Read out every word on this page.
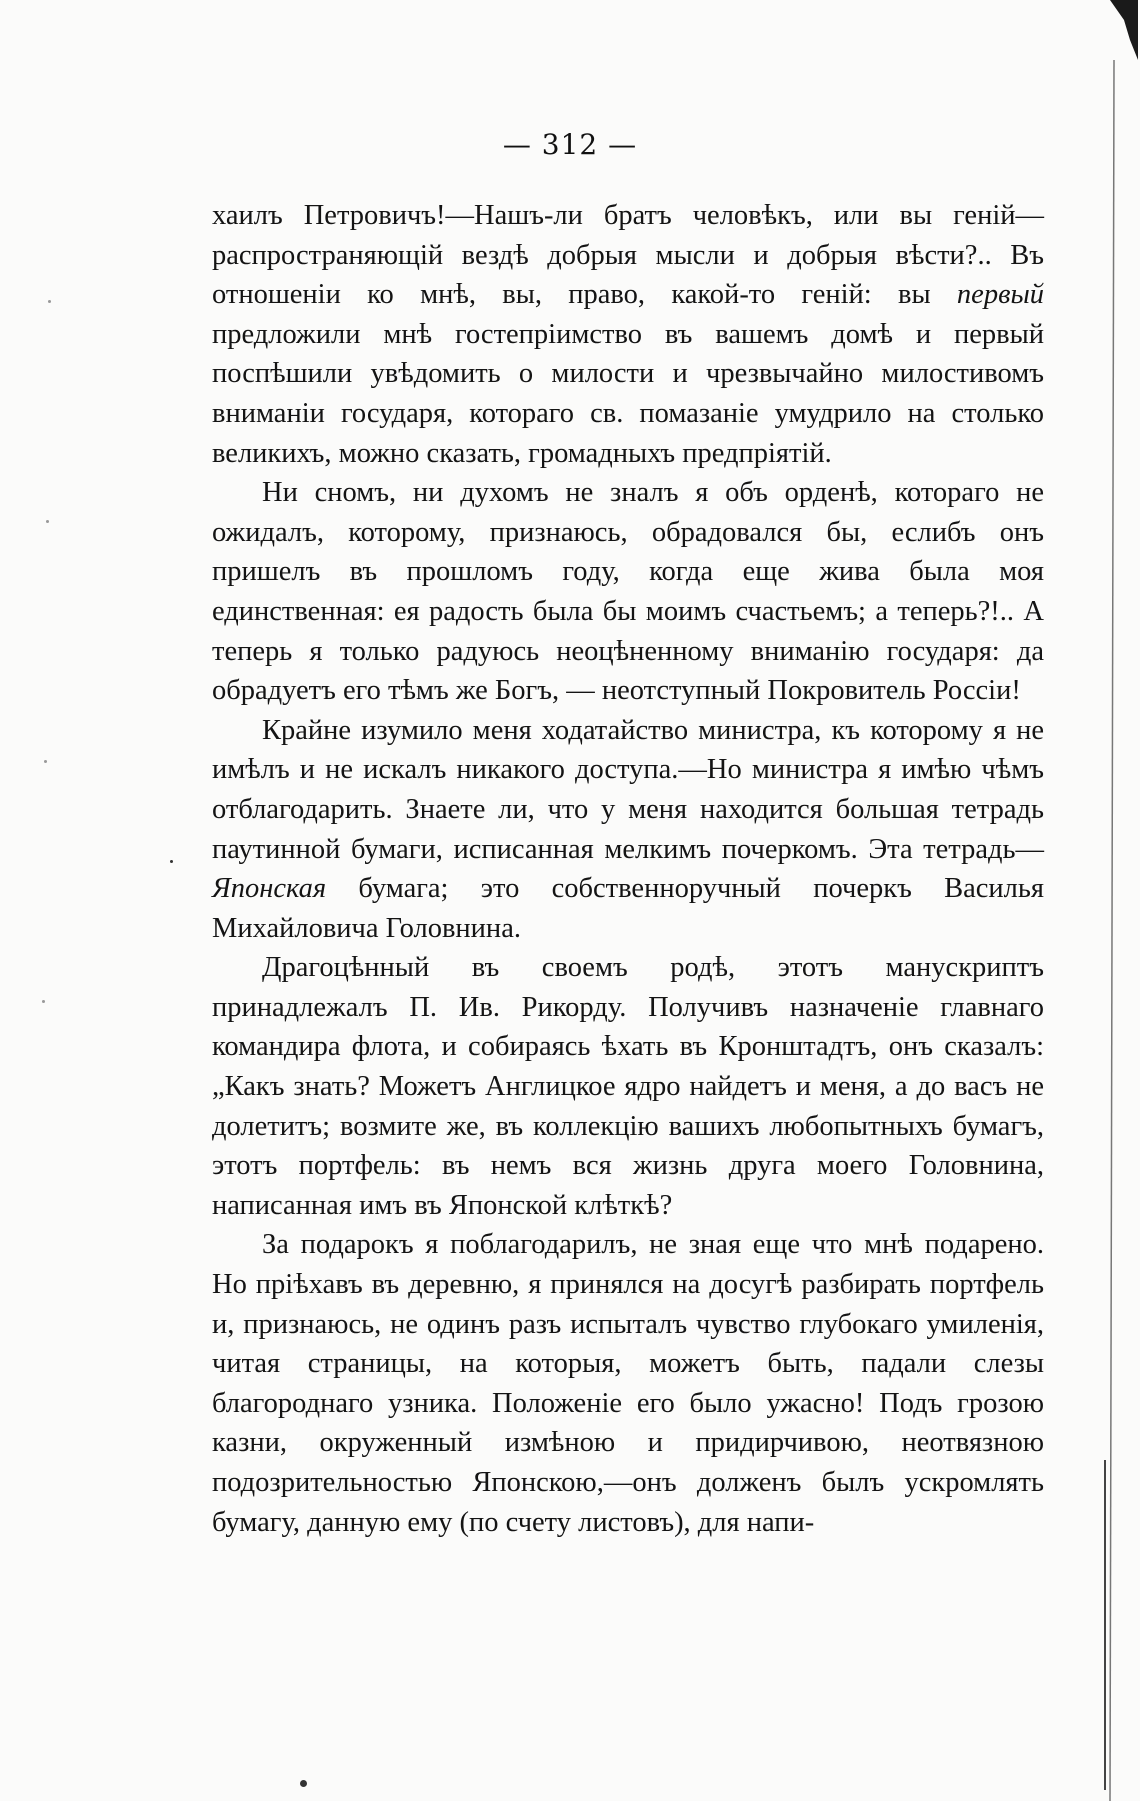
— 312 —

хаилъ Петровичъ!—Нашъ-ли братъ человѣкъ, или вы геній— распространяющій вездѣ добрыя мысли и добрыя вѣсти?.. Въ отношеніи ко мнѣ, вы, право, какой-то геній: вы первый предложили мнѣ гостепріимство въ вашемъ домѣ и первый поспѣшили увѣдомить о милости и чрезвычайно милостивомъ вниманіи государя, котораго св. помазаніе умудрило на столько великихъ, можно сказать, громадныхъ предпріятій.

Ни сномъ, ни духомъ не зналъ я объ орденѣ, котораго не ожидалъ, которому, признаюсь, обрадовался бы, еслибъ онъ пришелъ въ прошломъ году, когда еще жива была моя единственная: ея радость была бы моимъ счастьемъ; а теперь?!.. А теперь я только радуюсь неоцѣненному вниманію государя: да обрадуетъ его тѣмъ же Богъ, — неотступный Покровитель Россіи!

Крайне изумило меня ходатайство министра, къ которому я не имѣлъ и не искалъ никакого доступа.—Но министра я имѣю чѣмъ отблагодарить. Знаете ли, что у меня находится большая тетрадь паутинной бумаги, исписанная мелкимъ почеркомъ. Эта тетрадь—Японская бумага; это собственноручный почеркъ Василья Михайловича Головнина.

Драгоцѣнный въ своемъ родѣ, этотъ манускриптъ принадлежалъ П. Ив. Рикорду. Получивъ назначеніе главнаго командира флота, и собираясь ѣхать въ Кронштадтъ, онъ сказалъ: „Какъ знать? Можетъ Англицкое ядро найдетъ и меня, а до васъ не долетитъ; возмите же, въ коллекцію вашихъ любопытныхъ бумагъ, этотъ портфель: въ немъ вся жизнь друга моего Головнина, написанная имъ въ Японской клѣткѣ?

За подарокъ я поблагодарилъ, не зная еще что мнѣ подарено. Но пріѣхавъ въ деревню, я принялся на досугѣ разбирать портфель и, признаюсь, не одинъ разъ испыталъ чувство глубокаго умиленія, читая страницы, на которыя, можетъ быть, падали слезы благороднаго узника. Положеніе его было ужасно! Подъ грозою казни, окруженный измѣною и придирчивою, неотвязною подозрительностью Японскою,—онъ долженъ былъ ускромлять бумагу, данную ему (по счету листовъ), для напи-
